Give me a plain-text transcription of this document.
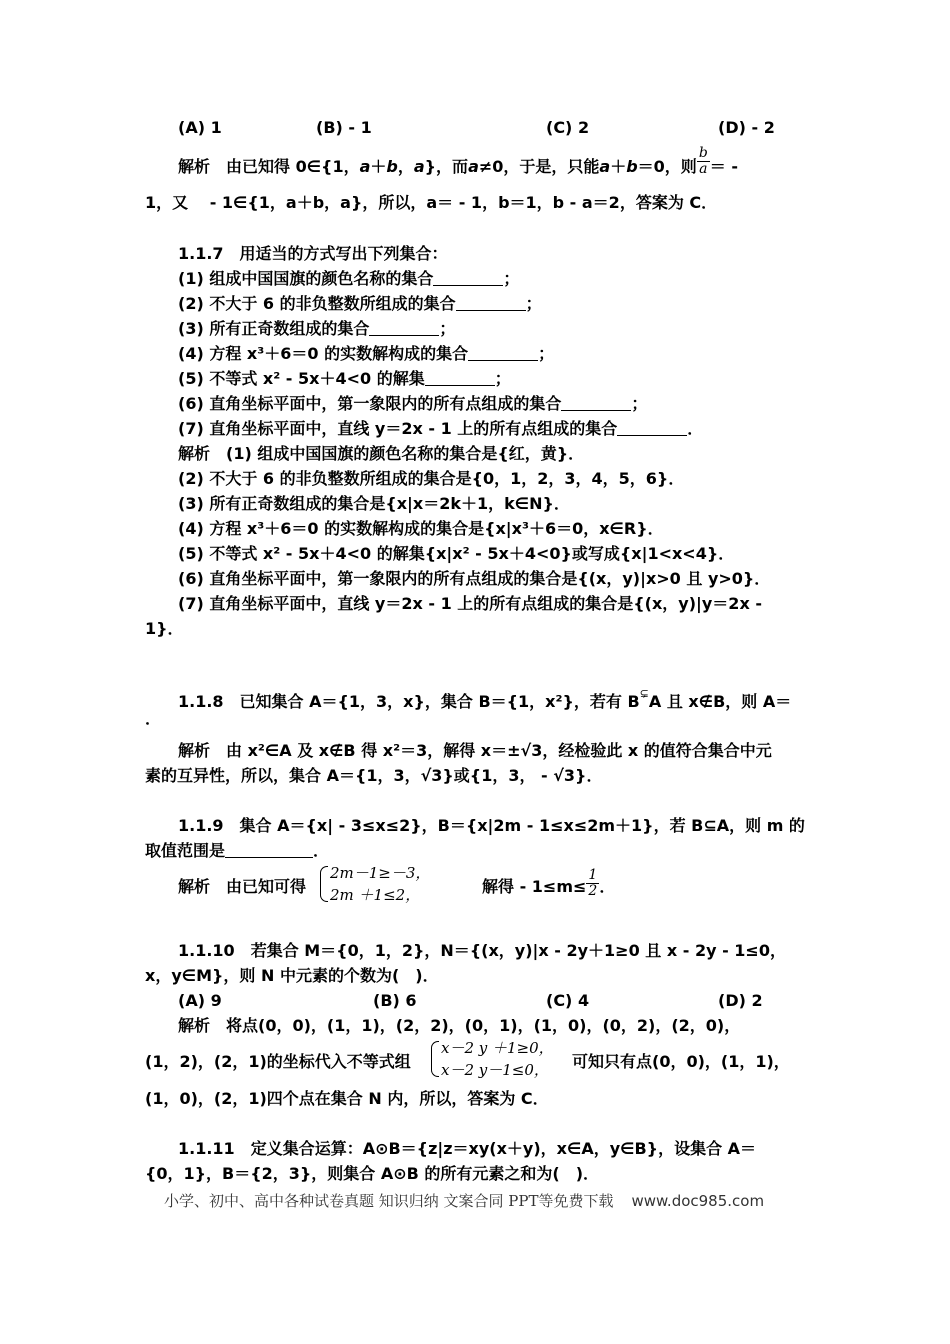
(A) 1	(B) - 1	(C) 2	(D) - 2
解析　由已知得 0∈{1，a＋b，a}，而a≠0，于是，只能a＋b＝0，则 $\frac{b}{a}$ ＝ -
1，又　 - 1∈{1，a＋b，a}，所以，a＝ - 1，b＝1，b - a＝2，答案为 C．
1.1.7　用适当的方式写出下列集合：
(1) 组成中国国旗的颜色名称的集合	；
(2) 不大于 6 的非负整数所组成的集合	；
(3) 所有正奇数组成的集合	；
(4) 方程 x³＋6＝0 的实数解构成的集合	；
(5) 不等式 x² - 5x＋4<0 的解集	；
(6) 直角坐标平面中，第一象限内的所有点组成的集合	；
(7) 直角坐标平面中，直线 y＝2x - 1 上的所有点组成的集合	．
解析　(1) 组成中国国旗的颜色名称的集合是{红，黄}．
(2) 不大于 6 的非负整数所组成的集合是{0，1，2，3，4，5，6}．
(3) 所有正奇数组成的集合是{x|x＝2k＋1，k∈N}．
(4) 方程 x³＋6＝0 的实数解构成的集合是{x|x³＋6＝0，x∈R}．
(5) 不等式 x² - 5x＋4<0 的解集{x|x² - 5x＋4<0}或写成{x|1<x<4}．
(6) 直角坐标平面中，第一象限内的所有点组成的集合是{(x，y)|x>0 且 y>0}．
(7) 直角坐标平面中，直线 y＝2x - 1 上的所有点组成的集合是{(x，y)|y＝2x -
1}．
1.1.8　已知集合 A＝{1，3，x}，集合 B＝{1，x²}，若有 B⊊A 且 x∉B，则 A＝
．
解析　由 x²∈A 及 x∉B 得 x²＝3，解得 x＝±√3，经检验此 x 的值符合集合中元
素的互异性，所以，集合 A＝{1，3，√3}或{1，3， - √3}．
1.1.9　集合 A＝{x| - 3≤x≤2}，B＝{x|2m - 1≤x≤2m＋1}，若 B⊆A，则 m 的
取值范围是	．
解析　由已知可得
2m－1≥－3，
2m ＋1≤2，	解得 - $1\le m\le \frac{1}{2}$ ．
1.1.10　若集合 M＝{0，1，2}，N＝{(x，y)|x - 2y＋1≥0 且 x - 2y - 1≤0，
x，y∈M}，则 N 中元素的个数为(　)．
(A) 9	(B) 6	(C) 4	(D) 2
解析　将点(0，0)，(1，1)，(2，2)，(0，1)，(1，0)，(0，2)，(2，0)，
(1，2)，(2，1)的坐标代入不等式组
x－2 y ＋1≥0，
x－2 y－1≤0， 可知只有点(0，0)，(1，1)，
(1，0)，(2，1)四个点在集合 N 内，所以，答案为 C．
1.1.11　定义集合运算：A⊙B＝{z|z＝xy(x＋y)，x∈A，y∈B}，设集合 A＝
{0，1}，B＝{2，3}，则集合 A⊙B 的所有元素之和为(　)．
小学、初中、高中各种试卷真题 知识归纳 文案合同 PPT等免费下载 www.doc985.com
